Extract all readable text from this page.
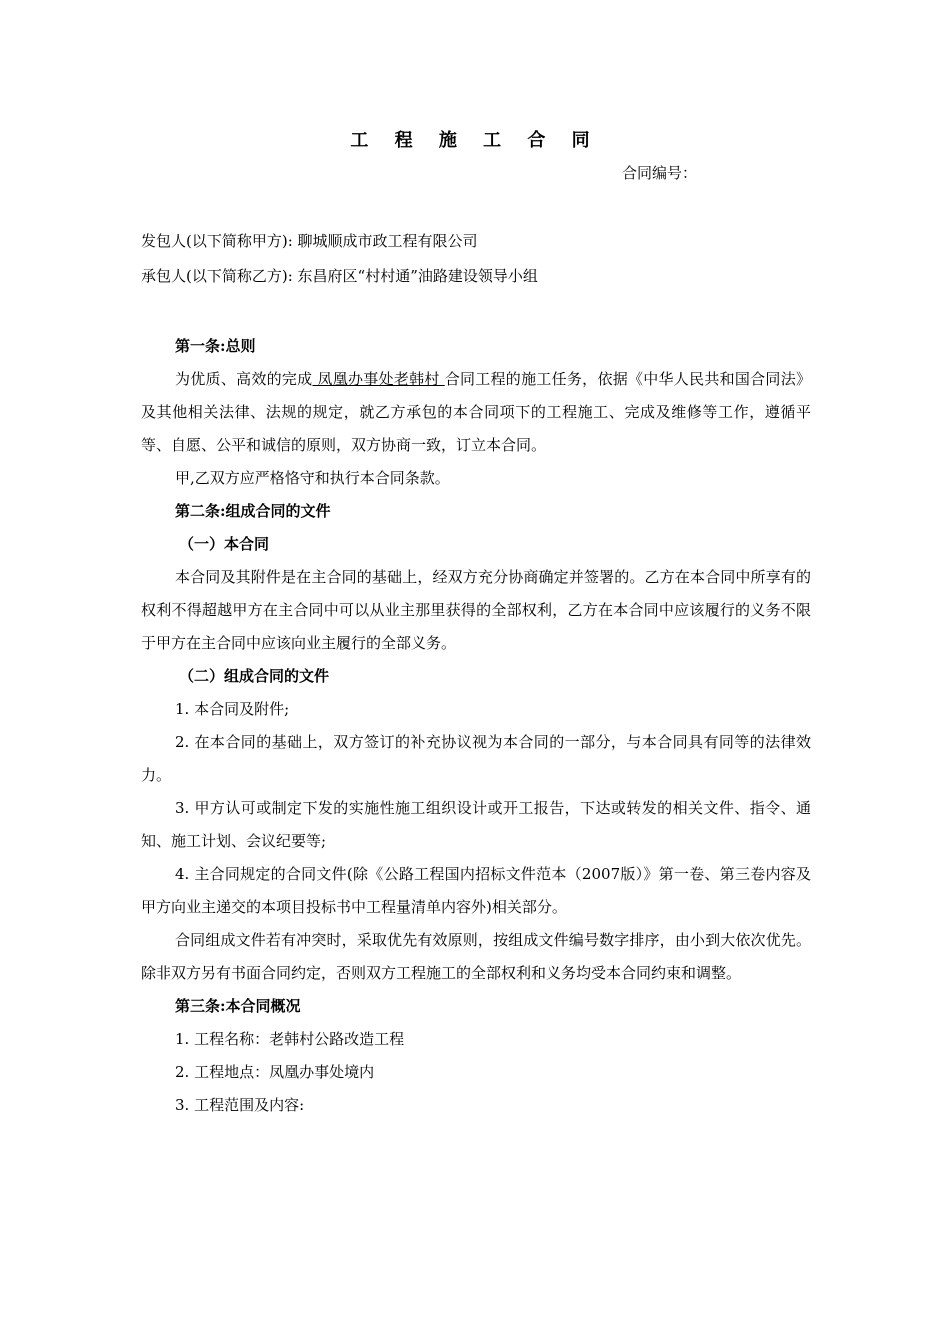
工 程 施 工 合 同
合同编号：
发包人(以下简称甲方): 聊城顺成市政工程有限公司
承包人(以下简称乙方): 东昌府区“村村通”油路建设领导小组

第一条:总则

为优质、高效的完成 凤凰办事处老韩村 合同工程的施工任务，依据《中华人民共和国合同法》及其他相关法律、法规的规定，就乙方承包的本合同项下的工程施工、完成及维修等工作，遵循平等、自愿、公平和诚信的原则，双方协商一致，订立本合同。

甲,乙双方应严格恪守和执行本合同条款。

第二条:组成合同的文件

（一）本合同

本合同及其附件是在主合同的基础上，经双方充分协商确定并签署的。乙方在本合同中所享有的权利不得超越甲方在主合同中可以从业主那里获得的全部权利，乙方在本合同中应该履行的义务不限于甲方在主合同中应该向业主履行的全部义务。

（二）组成合同的文件

1. 本合同及附件;

2. 在本合同的基础上，双方签订的补充协议视为本合同的一部分，与本合同具有同等的法律效力。

3. 甲方认可或制定下发的实施性施工组织设计或开工报告，下达或转发的相关文件、指令、通知、施工计划、会议纪要等;

4. 主合同规定的合同文件(除《公路工程国内招标文件范本（2007版）》第一卷、第三卷内容及甲方向业主递交的本项目投标书中工程量清单内容外)相关部分。

合同组成文件若有冲突时，采取优先有效原则，按组成文件编号数字排序，由小到大依次优先。除非双方另有书面合同约定，否则双方工程施工的全部权利和义务均受本合同约束和调整。

第三条:本合同概况

1. 工程名称：老韩村公路改造工程

2. 工程地点：凤凰办事处境内

3. 工程范围及内容:
